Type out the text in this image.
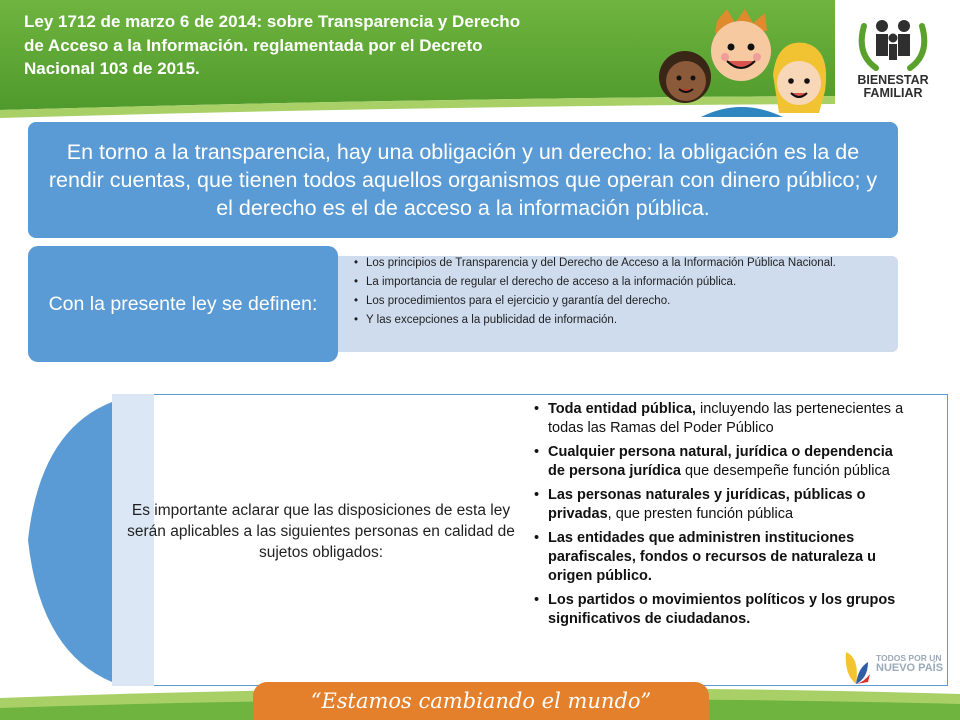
Ley 1712 de marzo 6 de 2014: sobre Transparencia y Derecho
de Acceso a la Información. reglamentada por el Decreto
Nacional 103 de 2015.

BIENESTAR
FAMILIAR
En torno a la transparencia, hay una obligación y un derecho: la obligación es la de rendir cuentas, que tienen todos aquellos organismos que operan con dinero público; y el derecho es el de acceso a la información pública.
Con la presente ley se definen:
• Los principios de Transparencia y del Derecho de Acceso a la Información Pública Nacional.
• La importancia de regular el derecho de acceso a la información pública.
• Los procedimientos para el ejercicio y garantía del derecho.
• Y las excepciones a la publicidad de información.
Es importante aclarar que las disposiciones de esta ley serán aplicables a las siguientes personas en calidad de sujetos obligados:
• Toda entidad pública, incluyendo las pertenecientes a todas las Ramas del Poder Público
• Cualquier persona natural, jurídica o dependencia de persona jurídica que desempeñe función pública
• Las personas naturales y jurídicas, públicas o privadas, que presten función pública
• Las entidades que administren instituciones parafiscales, fondos o recursos de naturaleza u origen público.
• Los partidos o movimientos políticos y los grupos significativos de ciudadanos.
“Estamos cambiando el mundo”
TODOS POR UN
NUEVO PAÍS
